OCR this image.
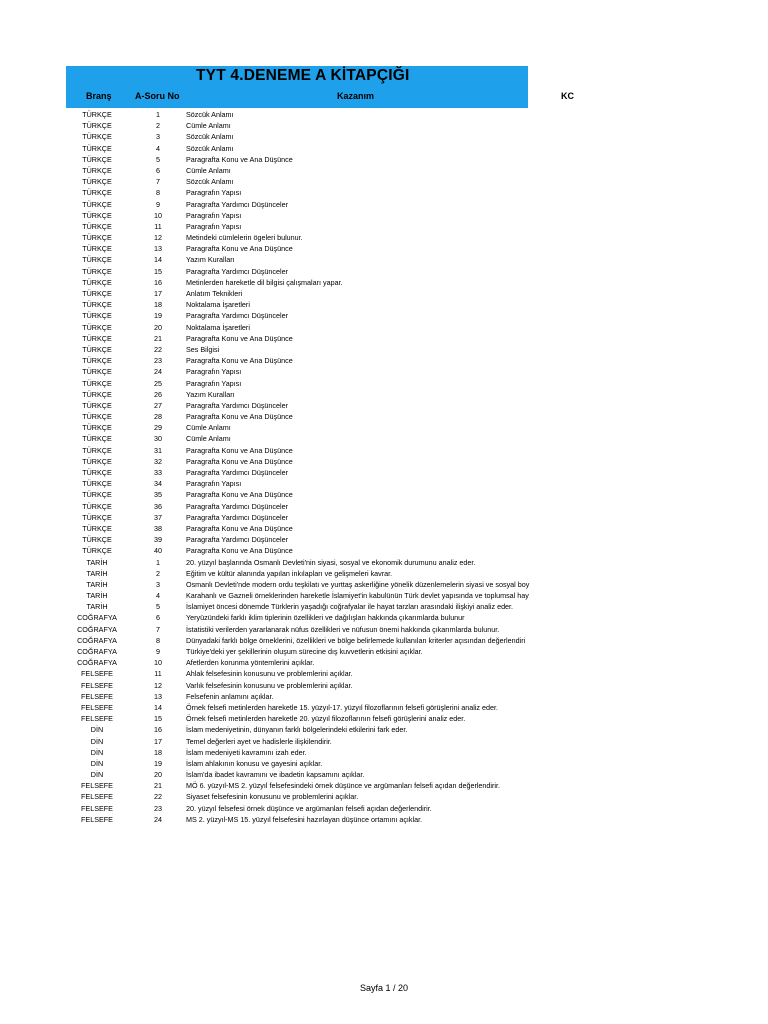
TYT 4.DENEME A KİTAPÇIĞI
Branş	A-Soru No	Kazanım	KC
TÜRKÇE	1	Sözcük Anlamı
TÜRKÇE	2	Cümle Anlamı
TÜRKÇE	3	Sözcük Anlamı
TÜRKÇE	4	Sözcük Anlamı
TÜRKÇE	5	Paragrafta Konu ve Ana Düşünce
TÜRKÇE	6	Cümle Anlamı
TÜRKÇE	7	Sözcük Anlamı
TÜRKÇE	8	Paragrafın Yapısı
TÜRKÇE	9	Paragrafta Yardımcı Düşünceler
TÜRKÇE	10	Paragrafın Yapısı
TÜRKÇE	11	Paragrafın Yapısı
TÜRKÇE	12	Metindeki cümlelerin ögeleri bulunur.
TÜRKÇE	13	Paragrafta Konu ve Ana Düşünce
TÜRKÇE	14	Yazım Kuralları
TÜRKÇE	15	Paragrafta Yardımcı Düşünceler
TÜRKÇE	16	Metinlerden hareketle dil bilgisi çalışmaları yapar.
TÜRKÇE	17	Anlatım Teknikleri
TÜRKÇE	18	Noktalama İşaretleri
TÜRKÇE	19	Paragrafta Yardımcı Düşünceler
TÜRKÇE	20	Noktalama İşaretleri
TÜRKÇE	21	Paragrafta Konu ve Ana Düşünce
TÜRKÇE	22	Ses Bilgisi
TÜRKÇE	23	Paragrafta Konu ve Ana Düşünce
TÜRKÇE	24	Paragrafın Yapısı
TÜRKÇE	25	Paragrafın Yapısı
TÜRKÇE	26	Yazım Kuralları
TÜRKÇE	27	Paragrafta Yardımcı Düşünceler
TÜRKÇE	28	Paragrafta Konu ve Ana Düşünce
TÜRKÇE	29	Cümle Anlamı
TÜRKÇE	30	Cümle Anlamı
TÜRKÇE	31	Paragrafta Konu ve Ana Düşünce
TÜRKÇE	32	Paragrafta Konu ve Ana Düşünce
TÜRKÇE	33	Paragrafta Yardımcı Düşünceler
TÜRKÇE	34	Paragrafın Yapısı
TÜRKÇE	35	Paragrafta Konu ve Ana Düşünce
TÜRKÇE	36	Paragrafta Yardımcı Düşünceler
TÜRKÇE	37	Paragrafta Yardımcı Düşünceler
TÜRKÇE	38	Paragrafta Konu ve Ana Düşünce
TÜRKÇE	39	Paragrafta Yardımcı Düşünceler
TÜRKÇE	40	Paragrafta Konu ve Ana Düşünce
TARİH	1	20. yüzyıl başlarında Osmanlı Devleti'nin siyasi, sosyal ve ekonomik durumunu analiz eder.
TARİH	2	Eğitim ve kültür alanında yapılan inkılapları ve gelişmeleri kavrar.
TARİH	3	Osmanlı Devleti'nde modern ordu teşkilatı ve yurttaş askerliğine yönelik düzenlemelerin siyasi ve sosyal boy
TARİH	4	Karahanlı ve Gazneli örneklerinden hareketle İslamiyet'in kabulünün Türk devlet yapısında ve toplumsal hay
TARİH	5	İslamiyet öncesi dönemde Türklerin yaşadığı coğrafyalar ile hayat tarzları arasındaki ilişkiyi analiz eder.
COĞRAFYA	6	Yeryüzündeki farklı iklim tiplerinin özellikleri ve dağılışları hakkında çıkarımlarda bulunur
COĞRAFYA	7	İstatistiki verilerden yararlanarak nüfus özellikleri ve nüfusun önemi hakkında çıkarımlarda bulunur.
COĞRAFYA	8	Dünyadaki farklı bölge örneklerini, özellikleri ve bölge belirlemede kullanılan kriterler açısından değerlendiri
COĞRAFYA	9	Türkiye'deki yer şekillerinin oluşum sürecine dış kuvvetlerin etkisini açıklar.
COĞRAFYA	10	Afetlerden korunma yöntemlerini açıklar.
FELSEFE	11	Ahlak felsefesinin konusunu ve problemlerini açıklar.
FELSEFE	12	Varlık felsefesinin konusunu ve problemlerini açıklar.
FELSEFE	13	Felsefenin anlamını açıklar.
FELSEFE	14	Örnek felsefi metinlerden hareketle 15. yüzyıl-17. yüzyıl filozoflarının felsefi görüşlerini analiz eder.
FELSEFE	15	Örnek felsefi metinlerden hareketle 20. yüzyıl filozoflarının felsefi görüşlerini analiz eder.
DİN	16	İslam medeniyetinin, dünyanın farklı bölgelerindeki etkilerini fark eder.
DİN	17	Temel değerleri ayet ve hadislerle ilişkilendirir.
DİN	18	İslam medeniyeti kavramını izah eder.
DİN	19	İslam ahlakının konusu ve gayesini açıklar.
DİN	20	İslam'da ibadet kavramını ve ibadetin kapsamını açıklar.
FELSEFE	21	MÖ 6. yüzyıl-MS 2. yüzyıl felsefesindeki örnek düşünce ve argümanları felsefi açıdan değerlendirir.
FELSEFE	22	Siyaset felsefesinin konusunu ve problemlerini açıklar.
FELSEFE	23	20. yüzyıl felsefesi örnek düşünce ve argümanları felsefi açıdan değerlendirir.
FELSEFE	24	MS 2. yüzyıl-MS 15. yüzyıl felsefesini hazırlayan düşünce ortamını açıklar.
Sayfa 1 / 20
